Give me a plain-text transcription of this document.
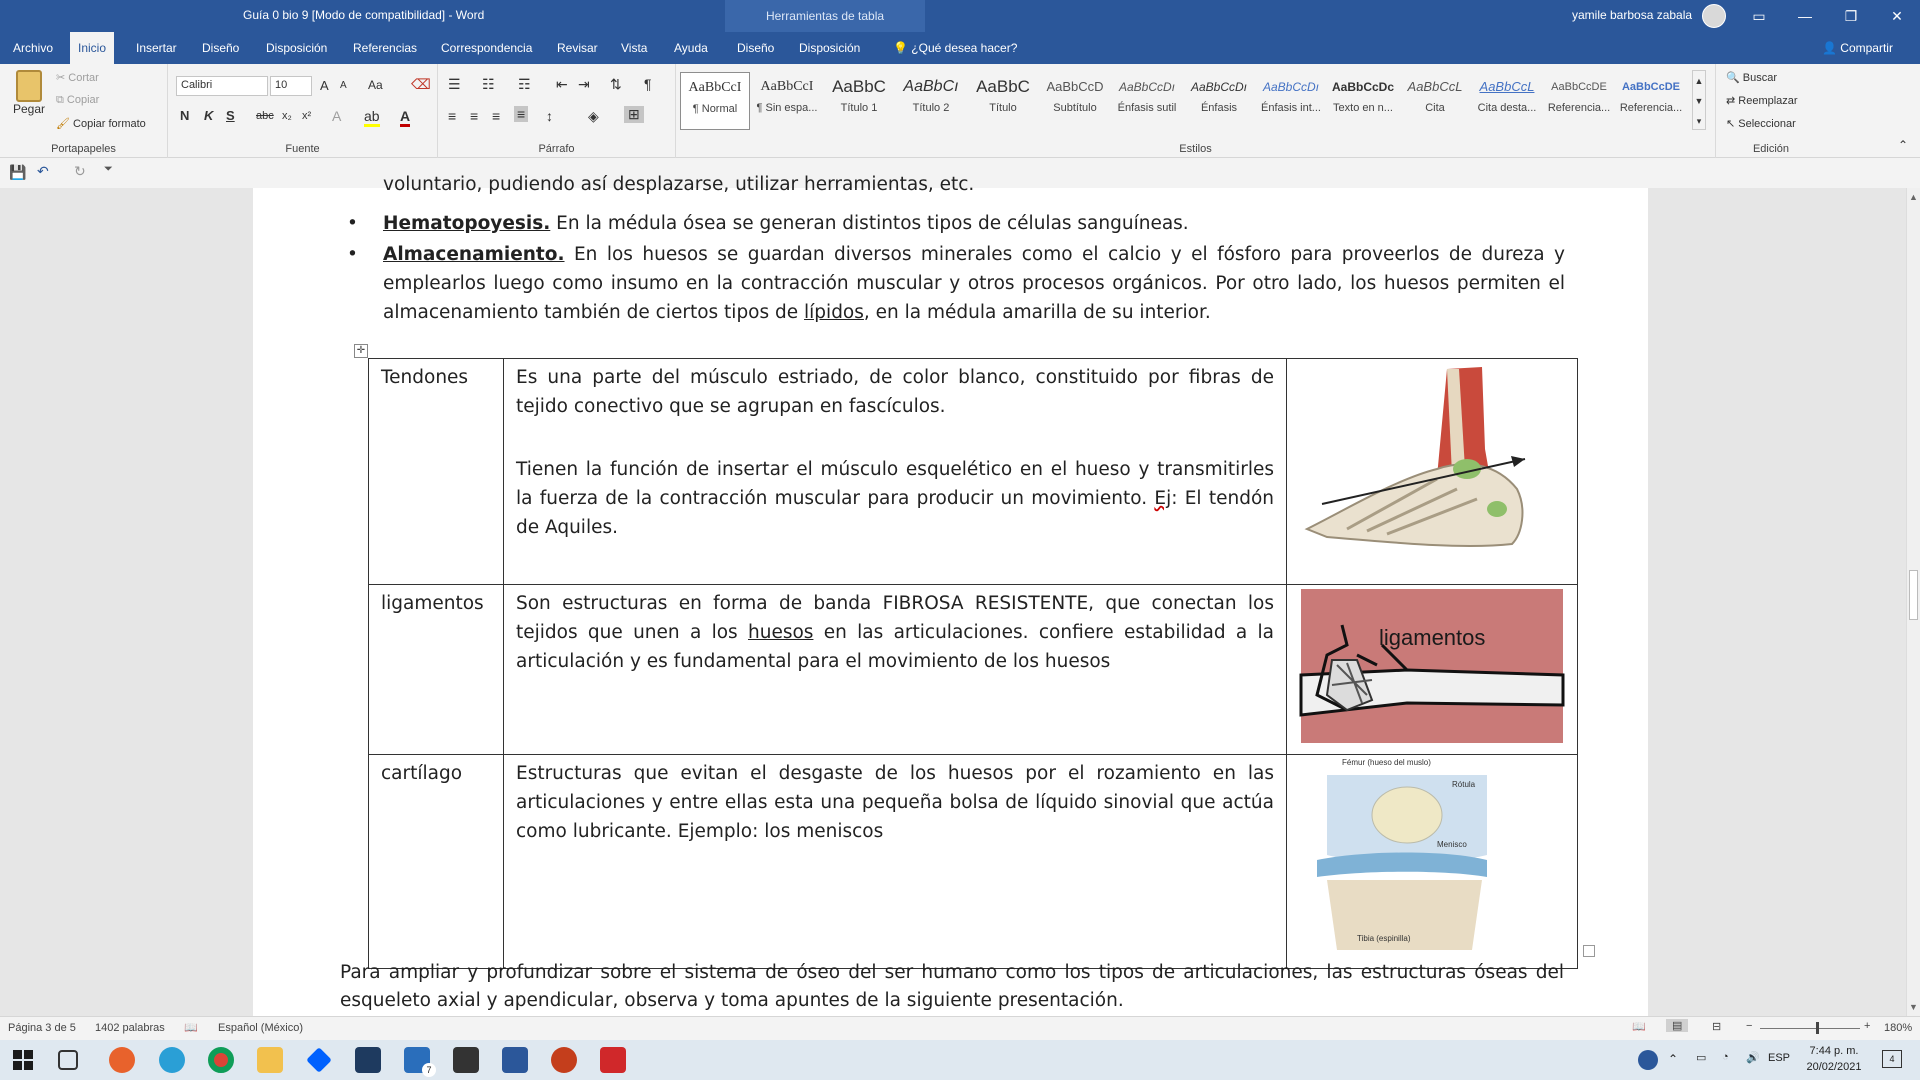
Guía 0 bio 9 [Modo de compatibilidad] - Word	Herramientas de tabla	yamile barbosa zabala	▭	—	❐	✕
Archivo	Inicio	Insertar	Diseño	Disposición	Referencias	Correspondencia	Revisar	Vista	Ayuda	Diseño	Disposición	💡 ¿Qué desea hacer?	👤 Compartir
Pegar
✂ Cortar
⧉ Copiar
🖌 Copiar formato
Portapapeles
Calibri	10	A A Aa ⌫
N K S abc x₂ x² A ab A
Fuente
☰ ☷ ☶ ⇤ ⇥ ⇅ ¶
≡ ≡ ≡ ≡ ↕	◈ ⊞
Párrafo
AaBbCcI
¶ Normal
AaBbCcI
¶ Sin espa...
AaBbC
Título 1
AaBbCı
Título 2
AaBbC
Título
AaBbCcD
Subtítulo
AaBbCcDı
Énfasis sutil
AaBbCcDı
Énfasis
AaBbCcDı
Énfasis int...
AaBbCcDc
Texto en n...
AaBbCcL
Cita
AaBbCcL
Cita desta...
AaBbCcDE
Referencia...
AaBbCcDE
Referencia...
▲
▼
▾
Estilos
🔍 Buscar
⇄ Reemplazar
↖ Seleccionar
Edición	⌃
💾 ↶ ↻ ⏷
voluntario, pudiendo así desplazarse, utilizar herramientas, etc.
• Hematopoyesis. En la médula ósea se generan distintos tipos de células sanguíneas.
• Almacenamiento. En los huesos se guardan diversos minerales como el calcio y el fósforo para proveerlos de dureza y emplearlos luego como insumo en la contracción muscular y otros procesos orgánicos. Por otro lado, los huesos permiten el almacenamiento también de ciertos tipos de lípidos, en la médula amarilla de su interior.
✛
Tendones	Es una parte del músculo estriado, de color blanco, constituido por fibras de tejido conectivo que se agrupan en fascículos.
Tienen la función de insertar el músculo esquelético en el hueso y transmitirles la fuerza de la contracción muscular para producir un movimiento. Ej: El tendón de Aquiles.

ligamentos	Son estructuras en forma de banda FIBROSA RESISTENTE, que conectan los tejidos que unen a los huesos en las articulaciones. confiere estabilidad a la articulación y es fundamental para el movimiento de los huesos	ligamentos

cartílago	Estructuras que evitan el desgaste de los huesos por el rozamiento en las articulaciones y entre ellas esta una pequeña bolsa de líquido sinovial que actúa como lubricante. Ejemplo: los meniscos	Fémur (hueso del muslo)
Rótula
Menisco
Tibia (espinilla)
Para ampliar y profundizar sobre el sistema de óseo del ser humano como los tipos de articulaciones, las estructuras óseas del esqueleto axial y apendicular, observa y toma apuntes de la siguiente presentación.
▲
▼
Página 3 de 5 1402 palabras 📖 Español (México)	📖	▤	⊟ −	+ 180%
7
⌃ ▭ ◔ 🔊 ESP
7:44 p. m.
20/02/2021
4
